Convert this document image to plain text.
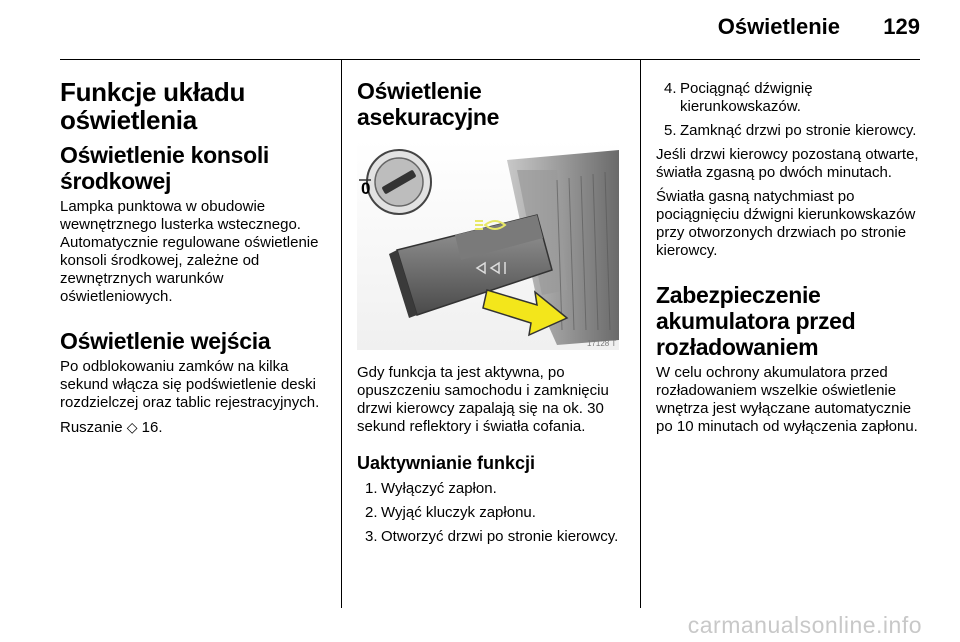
Oświetlenie 129
Funkcje układu oświetlenia
Oświetlenie konsoli środkowej

Lampka punktowa w obudowie wewnętrznego lusterka wstecznego. Automatycznie regulowane oświetlenie konsoli środkowej, zależne od zewnętrznych warunków oświetleniowych.

Oświetlenie wejścia

Po odblokowaniu zamków na kilka sekund włącza się podświetlenie deski rozdzielczej oraz tablic rejestracyjnych.

Ruszanie ◇ 16.

Oświetlenie asekuracyjne
0
17128 T

Gdy funkcja ta jest aktywna, po opuszczeniu samochodu i zamknięciu drzwi kierowcy zapalają się na ok. 30 sekund reflektory i światła cofania.

Uaktywnianie funkcji
1. Wyłączyć zapłon.
2. Wyjąć kluczyk zapłonu.
3. Otworzyć drzwi po stronie kierowcy.
4. Pociągnąć dźwignię kierunkowskazów.
5. Zamknąć drzwi po stronie kierowcy.

Jeśli drzwi kierowcy pozostaną otwarte, światła zgasną po dwóch minutach.

Światła gasną natychmiast po pociągnięciu dźwigni kierunkowskazów przy otworzonych drzwiach po stronie kierowcy.

Zabezpieczenie akumulatora przed rozładowaniem

W celu ochrony akumulatora przed rozładowaniem wszelkie oświetlenie wnętrza jest wyłączane automatycznie po 10 minutach od wyłączenia zapłonu.

carmanualsonline.info
